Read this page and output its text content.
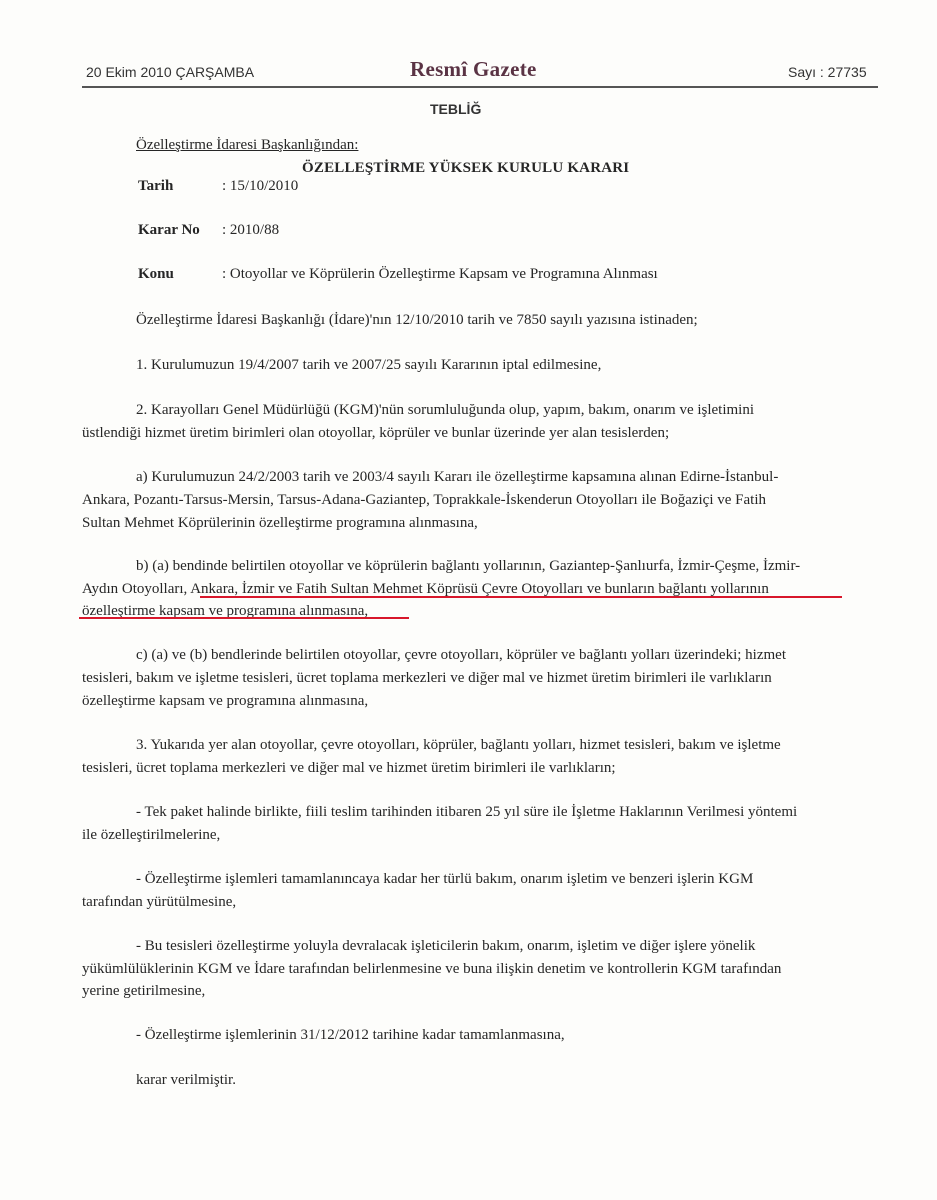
20 Ekim 2010 ÇARŞAMBA	Resmî Gazete	Sayı : 27735
TEBLİĞ
Özelleştirme İdaresi Başkanlığından:
ÖZELLEŞTİRME YÜKSEK KURULU KARARI
Tarih	: 15/10/2010
Karar No : 2010/88
Konu	: Otoyollar ve Köprülerin Özelleştirme Kapsam ve Programına Alınması
Özelleştirme İdaresi Başkanlığı (İdare)'nın 12/10/2010 tarih ve 7850 sayılı yazısına istinaden;
1. Kurulumuzun 19/4/2007 tarih ve 2007/25 sayılı Kararının iptal edilmesine,
2. Karayolları Genel Müdürlüğü (KGM)'nün sorumluluğunda olup, yapım, bakım, onarım ve işletimini
üstlendiği hizmet üretim birimleri olan otoyollar, köprüler ve bunlar üzerinde yer alan tesislerden;
a) Kurulumuzun 24/2/2003 tarih ve 2003/4 sayılı Kararı ile özelleştirme kapsamına alınan Edirne-İstanbul-
Ankara, Pozantı-Tarsus-Mersin, Tarsus-Adana-Gaziantep, Toprakkale-İskenderun Otoyolları ile Boğaziçi ve Fatih
Sultan Mehmet Köprülerinin özelleştirme programına alınmasına,
b) (a) bendinde belirtilen otoyollar ve köprülerin bağlantı yollarının, Gaziantep-Şanlıurfa, İzmir-Çeşme, İzmir-
Aydın Otoyolları, Ankara, İzmir ve Fatih Sultan Mehmet Köprüsü Çevre Otoyolları ve bunların bağlantı yollarının
özelleştirme kapsam ve programına alınmasına,
c) (a) ve (b) bendlerinde belirtilen otoyollar, çevre otoyolları, köprüler ve bağlantı yolları üzerindeki; hizmet
tesisleri, bakım ve işletme tesisleri, ücret toplama merkezleri ve diğer mal ve hizmet üretim birimleri ile varlıkların
özelleştirme kapsam ve programına alınmasına,
3. Yukarıda yer alan otoyollar, çevre otoyolları, köprüler, bağlantı yolları, hizmet tesisleri, bakım ve işletme
tesisleri, ücret toplama merkezleri ve diğer mal ve hizmet üretim birimleri ile varlıkların;
- Tek paket halinde birlikte, fiili teslim tarihinden itibaren 25 yıl süre ile İşletme Haklarının Verilmesi yöntemi
ile özelleştirilmelerine,
- Özelleştirme işlemleri tamamlanıncaya kadar her türlü bakım, onarım işletim ve benzeri işlerin KGM
tarafından yürütülmesine,
- Bu tesisleri özelleştirme yoluyla devralacak işleticilerin bakım, onarım, işletim ve diğer işlere yönelik
yükümlülüklerinin KGM ve İdare tarafından belirlenmesine ve buna ilişkin denetim ve kontrollerin KGM tarafından
yerine getirilmesine,
- Özelleştirme işlemlerinin 31/12/2012 tarihine kadar tamamlanmasına,
karar verilmiştir.
